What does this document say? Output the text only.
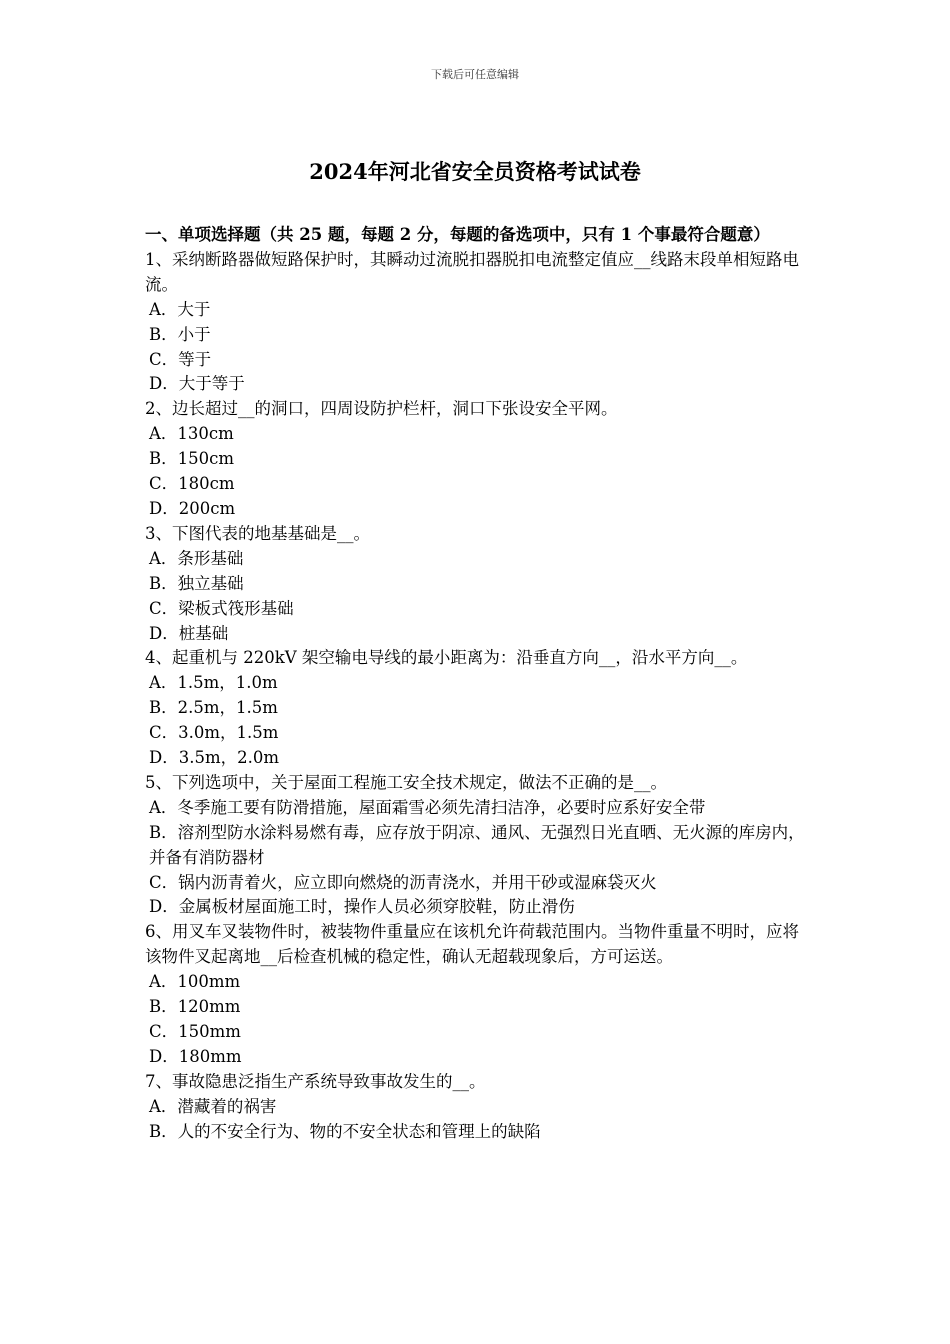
下载后可任意编辑
2024年河北省安全员资格考试试卷
一、单项选择题（共 25 题，每题 2 分，每题的备选项中，只有 1 个事最符合题意）

1、采纳断路器做短路保护时，其瞬动过流脱扣器脱扣电流整定值应__线路末段单相短路电流。

A．大于

B．小于

C．等于

D．大于等于

2、边长超过__的洞口，四周设防护栏杆，洞口下张设安全平网。

A．130cm

B．150cm

C．180cm

D．200cm

3、下图代表的地基基础是__。

A．条形基础

B．独立基础

C．梁板式筏形基础

D．桩基础

4、起重机与 220kV 架空输电导线的最小距离为：沿垂直方向__，沿水平方向__。

A．1.5m，1.0m

B．2.5m，1.5m

C．3.0m，1.5m

D．3.5m，2.0m

5、下列选项中，关于屋面工程施工安全技术规定，做法不正确的是__。

A．冬季施工要有防滑措施，屋面霜雪必须先清扫洁净，必要时应系好安全带

B．溶剂型防水涂料易燃有毒，应存放于阴凉、通风、无强烈日光直晒、无火源的库房内，并备有消防器材

C．锅内沥青着火，应立即向燃烧的沥青浇水，并用干砂或湿麻袋灭火

D．金属板材屋面施工时，操作人员必须穿胶鞋，防止滑伤

6、用叉车叉装物件时，被装物件重量应在该机允许荷载范围内。当物件重量不明时，应将该物件叉起离地__后检查机械的稳定性，确认无超载现象后，方可运送。

A．100mm

B．120mm

C．150mm

D．180mm

7、事故隐患泛指生产系统导致事故发生的__。

A．潜藏着的祸害

B．人的不安全行为、物的不安全状态和管理上的缺陷
